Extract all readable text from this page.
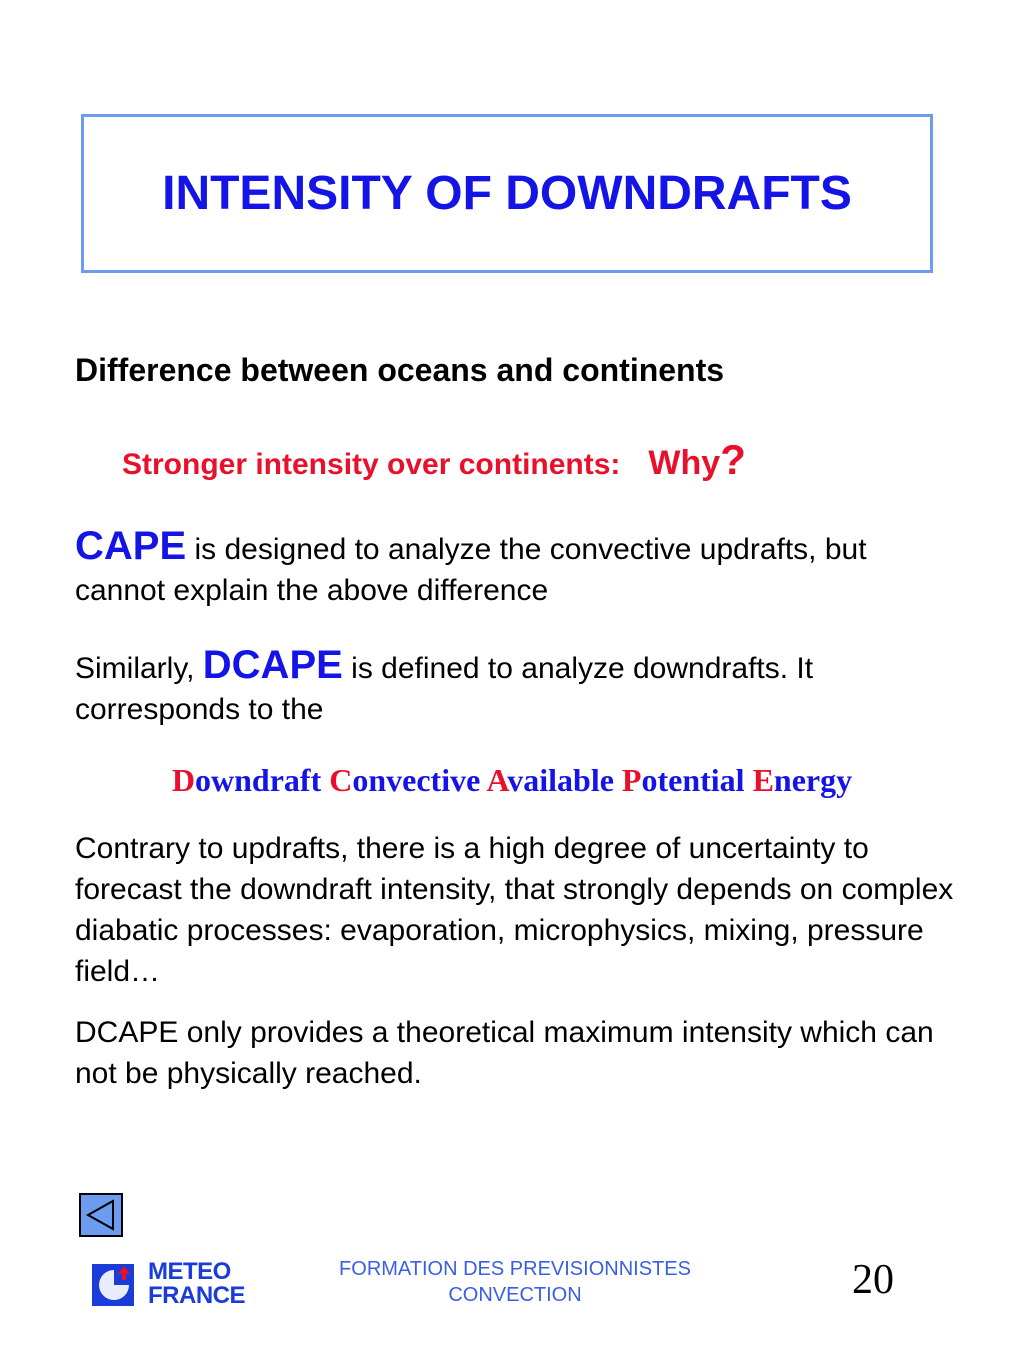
INTENSITY OF DOWNDRAFTS

Difference between oceans and continents

Stronger intensity over continents: Why?

CAPE is designed to analyze the convective updrafts, but cannot explain the above difference

Similarly, DCAPE is defined to analyze downdrafts. It corresponds to the

Downdraft Convective Available Potential Energy

Contrary to updrafts, there is a high degree of uncertainty to forecast the downdraft intensity, that strongly depends on complex diabatic processes: evaporation, microphysics, mixing, pressure field…

DCAPE only provides a theoretical maximum intensity which can not be physically reached.

METEO
FRANCE
FORMATION DES PREVISIONNISTES
CONVECTION	20
